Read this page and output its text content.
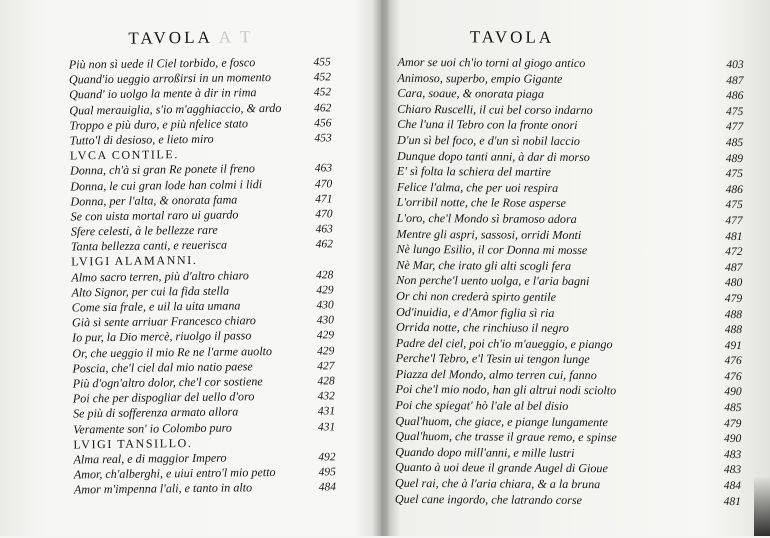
TAVOLA A T
Più non sì uede il Ciel torbido, e fosco	455
Quand'io ueggio arroßirsi in un momento	452
Quand' io uolgo la mente à dir in rima	452
Qual merauiglia, s'io m'agghiaccio, & ardo	462
Troppo e più duro, e più nfelice stato	456
Tutto'l di desioso, e lieto miro	453
LVCA CONTILE.
Donna, ch'à si gran Re ponete il freno	463
Donna, le cui gran lode han colmi i lidi	470
Donna, per l'alta, & onorata fama	471
Se con uista mortal raro ui guardo	470
Sfere celesti, à le bellezze rare	463
Tanta bellezza canti, e reuerisca	462
LVIGI ALAMANNI.
Almo sacro terren, più d'altro chiaro	428
Alto Signor, per cui la fida stella	429
Come sia frale, e uil la uita umana	430
Già sì sente arriuar Francesco chiaro	430
Io pur, la Dio mercè, riuolgo il passo	429
Or, che ueggio il mio Re ne l'arme auolto	429
Poscia, che'l ciel dal mio natio paese	427
Più d'ogn'altro dolor, che'l cor sostiene	428
Poi che per dispogliar del uello d'oro	432
Se più di sofferenza armato allora	431
Veramente son' io Colombo puro	431
LVIGI TANSILLO.
Alma real, e di maggior Impero	492
Amor, ch'alberghi, e uiui entro'l mio petto	495
Amor m'impenna l'ali, e tanto in alto	484
TAVOLA
Amor se uoi ch'io torni al giogo antico	403
Animoso, superbo, empio Gigante	487
Cara, soaue, & onorata piaga	486
Chiaro Ruscelli, il cui bel corso indarno	475
Che l'una il Tebro con la fronte onori	477
D'un sì bel foco, e d'un sì nobil laccio	485
Dunque dopo tanti anni, à dar di morso	489
E' sì folta la schiera del martire	475
Felice l'alma, che per uoi respira	486
L'orribil notte, che le Rose asperse	475
L'oro, che'l Mondo sì bramoso adora	477
Mentre gli aspri, sassosi, orridi Monti	481
Nè lungo Esilio, il cor Donna mi mosse	472
Nè Mar, che irato gli alti scogli fera	487
Non perche'l uento uolga, e l'aria bagni	480
Or chi non crederà spirto gentile	479
Od'inuidia, e d'Amor figlia sì ria	488
Orrida notte, che rinchiuso il negro	488
Padre del ciel, poi ch'io m'aueggio, e piango	491
Perche'l Tebro, e'l Tesin ui tengon lunge	476
Piazza del Mondo, almo terren cui, fanno	476
Poi che'l mio nodo, han gli altrui nodi sciolto	490
Poi che spiegat' hò l'ale al bel disio	485
Qual'huom, che giace, e piange lungamente	479
Qual'huom, che trasse il graue remo, e spinse	490
Quando dopo mill'anni, e mille lustri	483
Quanto à uoi deue il grande Augel di Gioue	483
Quel rai, che à l'aria chiara, & a la bruna	484
Quel cane ingordo, che latrando corse	481
